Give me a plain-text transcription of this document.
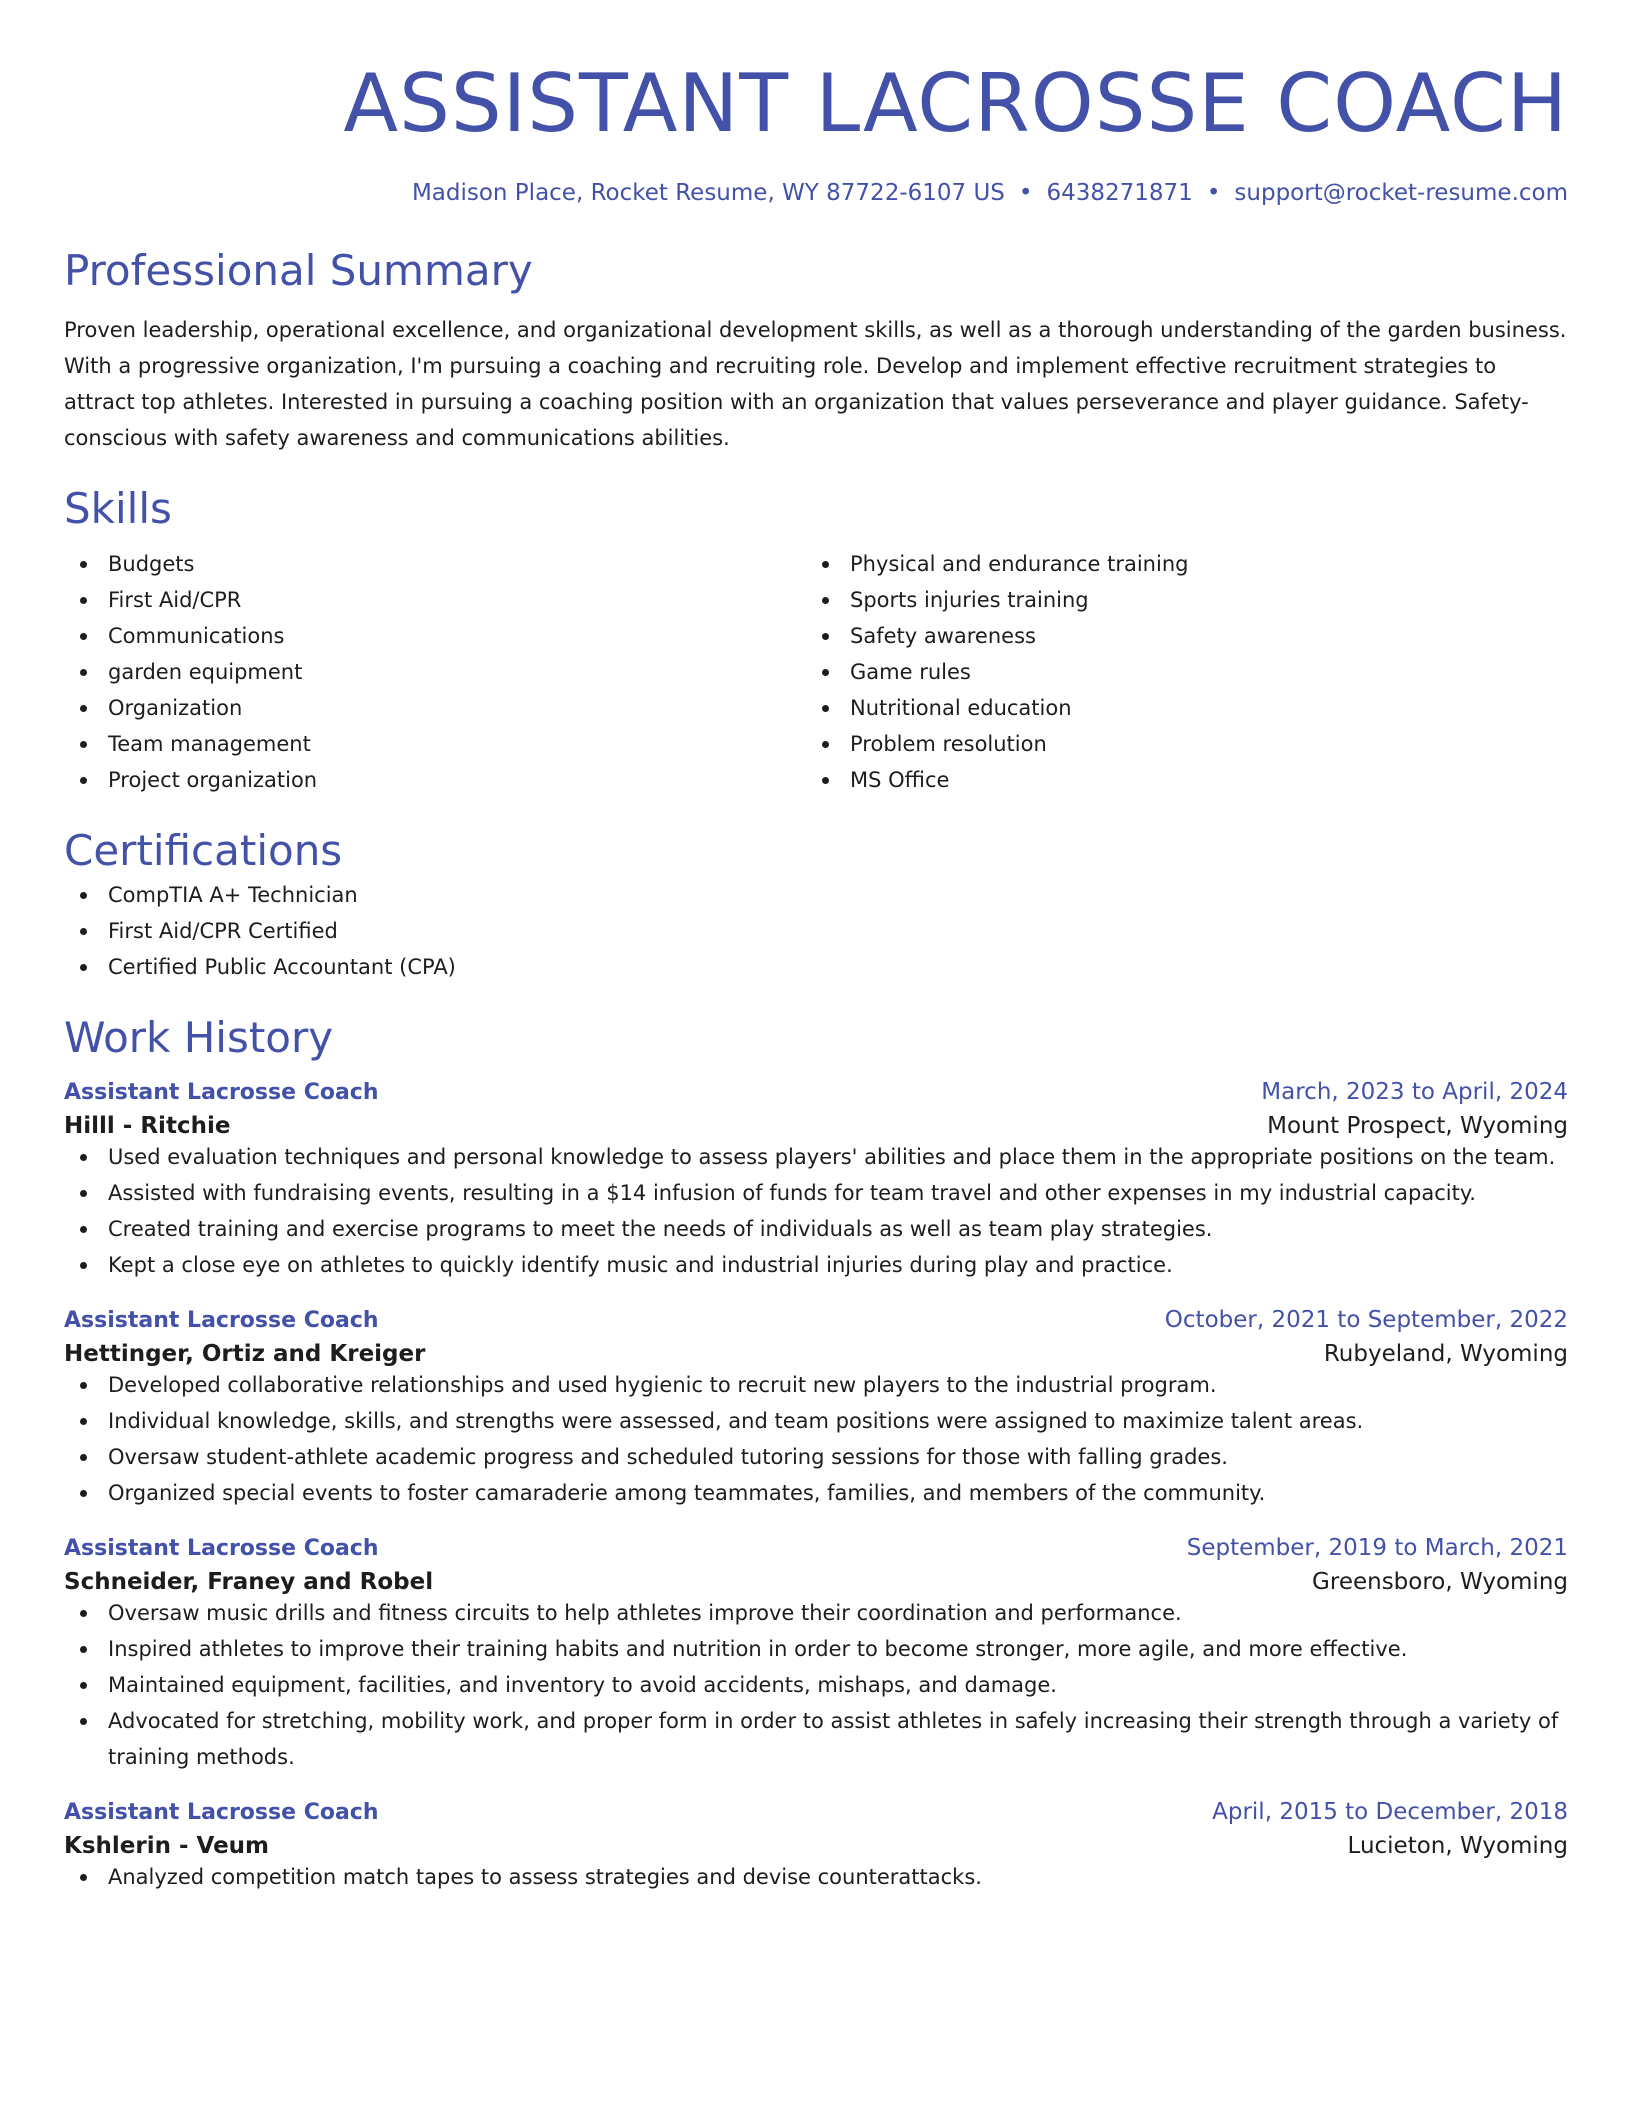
ASSISTANT LACROSSE COACH
Madison Place, Rocket Resume, WY 87722-6107 US • 6438271871 • support@rocket-resume.com
Professional Summary

Proven leadership, operational excellence, and organizational development skills, as well as a thorough understanding of the garden business. With a progressive organization, I'm pursuing a coaching and recruiting role. Develop and implement effective recruitment strategies to attract top athletes. Interested in pursuing a coaching position with an organization that values perseverance and player guidance. Safety-conscious with safety awareness and communications abilities.

Skills
Budgets
First Aid/CPR
Communications
garden equipment
Organization
Team management
Project organization
Physical and endurance training
Sports injuries training
Safety awareness
Game rules
Nutritional education
Problem resolution
MS Office
Certifications
CompTIA A+ Technician
First Aid/CPR Certified
Certified Public Accountant (CPA)
Work History
Assistant Lacrosse Coach	March, 2023 to April, 2024
Hilll - Ritchie	Mount Prospect, Wyoming
Used evaluation techniques and personal knowledge to assess players' abilities and place them in the appropriate positions on the team.
Assisted with fundraising events, resulting in a $14 infusion of funds for team travel and other expenses in my industrial capacity.
Created training and exercise programs to meet the needs of individuals as well as team play strategies.
Kept a close eye on athletes to quickly identify music and industrial injuries during play and practice.
Assistant Lacrosse Coach	October, 2021 to September, 2022
Hettinger, Ortiz and Kreiger	Rubyeland, Wyoming
Developed collaborative relationships and used hygienic to recruit new players to the industrial program.
Individual knowledge, skills, and strengths were assessed, and team positions were assigned to maximize talent areas.
Oversaw student-athlete academic progress and scheduled tutoring sessions for those with falling grades.
Organized special events to foster camaraderie among teammates, families, and members of the community.
Assistant Lacrosse Coach	September, 2019 to March, 2021
Schneider, Franey and Robel	Greensboro, Wyoming
Oversaw music drills and fitness circuits to help athletes improve their coordination and performance.
Inspired athletes to improve their training habits and nutrition in order to become stronger, more agile, and more effective.
Maintained equipment, facilities, and inventory to avoid accidents, mishaps, and damage.
Advocated for stretching, mobility work, and proper form in order to assist athletes in safely increasing their strength through a variety of training methods.
Assistant Lacrosse Coach	April, 2015 to December, 2018
Kshlerin - Veum	Lucieton, Wyoming
Analyzed competition match tapes to assess strategies and devise counterattacks.
